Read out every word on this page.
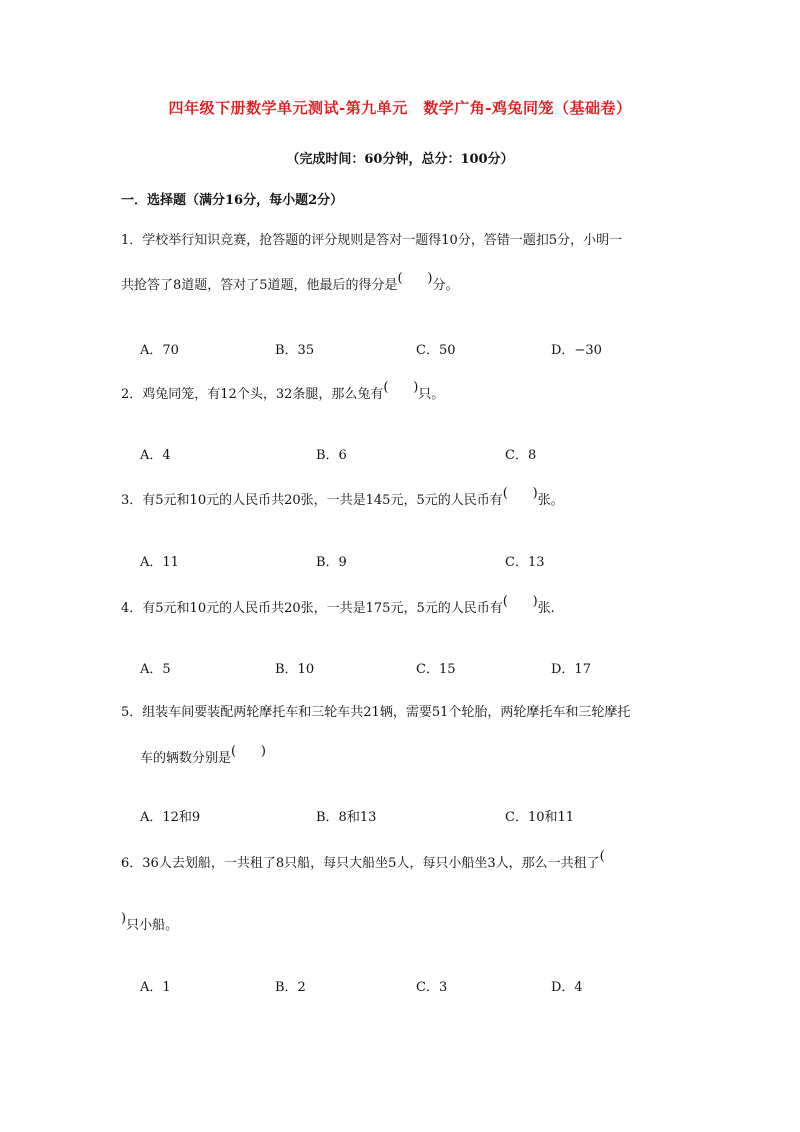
四年级下册数学单元测试-第九单元　数学广角-鸡兔同笼（基础卷）
（完成时间：60分钟，总分：100分）
一．选择题（满分16分，每小题2分）
1．学校举行知识竞赛，抢答题的评分规则是答对一题得10分，答错一题扣5分，小明一
共抢答了8道题，答对了5道题，他最后的得分是(      )分。
A．70	B．35	C．50	D．−30
2．鸡兔同笼，有12个头，32条腿，那么兔有(      )只。
A．4	B．6	C．8
3．有5元和10元的人民币共20张，一共是145元，5元的人民币有(      )张。
A．11	B．9	C．13
4．有5元和10元的人民币共20张，一共是175元，5元的人民币有(      )张.
A．5	B．10	C．15	D．17
5．组装车间要装配两轮摩托车和三轮车共21辆，需要51个轮胎，两轮摩托车和三轮摩托
车的辆数分别是(      )
A．12和9	B．8和13	C．10和11
6．36人去划船，一共租了8只船，每只大船坐5人，每只小船坐3人，那么一共租了(
)只小船。
A．1	B．2	C．3	D．4
